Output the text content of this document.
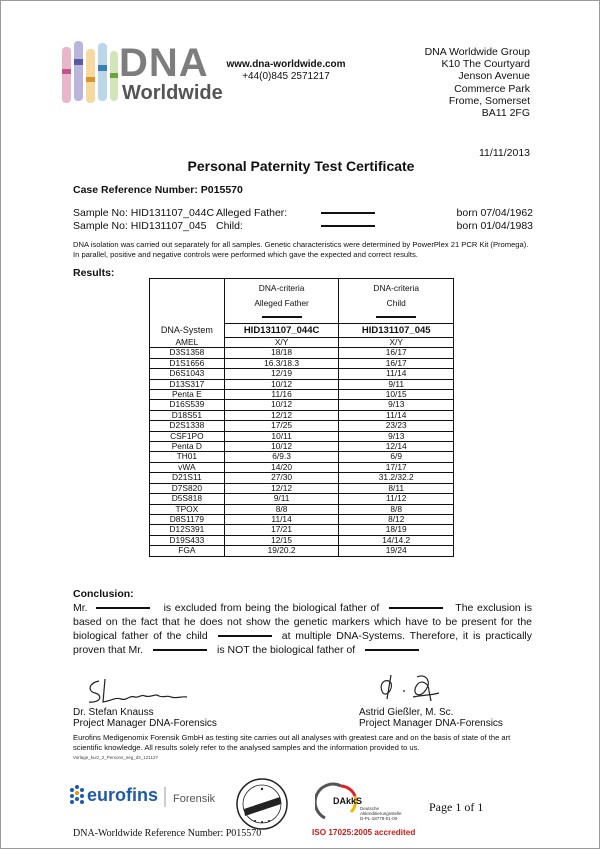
DNA
Worldwide
www.dna-worldwide.com
+44(0)845 2571217
DNA Worldwide Group
K10 The Courtyard
Jenson Avenue
Commerce Park
Frome, Somerset
BA11 2FG
11/11/2013
Personal Paternity Test Certificate
Case Reference Number: P015570
Sample No: HID131107_044C Alleged Father:	born 07/04/1962
Sample No: HID131107_045 Child:	born 01/04/1983
DNA isolation was carried out separately for all samples. Genetic characteristics were determined by PowerPlex 21 PCR Kit (Promega). In parallel, positive and negative controls were performed which gave the expected and correct results.
Results:
DNA-System	DNA-criteria	DNA-criteria
	Alleged Father	Child

	HID131107_044C	HID131107_045
AMEL	X/Y	X/Y
D3S1358	18/18	16/17
D1S1656	16.3/18.3	16/17
D6S1043	12/19	11/14
D13S317	10/12	9/11
Penta E	11/16	10/15
D16S539	10/12	9/13
D18S51	12/12	11/14
D2S1338	17/25	23/23
CSF1PO	10/11	9/13
Penta D	10/12	12/14
TH01	6/9.3	6/9
vWA	14/20	17/17
D21S11	27/30	31.2/32.2
D7S820	12/12	8/11
D5S818	9/11	11/12
TPOX	8/8	8/8
D8S1179	11/14	8/12
D12S391	17/21	18/19
D19S433	12/15	14/14.2
FGA	19/20.2	19/24
Conclusion:
Mr.	is excluded from being the biological father of	The exclusion is based on the fact that he does not show the genetic markers which have to be present for the biological father of the child	at multiple DNA-Systems. Therefore, it is practically proven that Mr.	is NOT the biological father of
Dr. Stefan Knauss
Project Manager DNA-Forensics
Astrid Gießler, M. Sc.
Project Manager DNA-Forensics
Eurofins Medigenomix Forensik GmbH as testing site carries out all analyses with greatest care and on the basis of state of the art scientific knowledge. All results solely refer to the analysed samples and the information provided to us.
Vorlage_kurz_2_Persons_neg_d3_121127
eurofins Forensik	DAkkS
Deutsche
Akkreditierungsstelle
D-PL-18779-01-00
Page 1 of 1
DNA-Worldwide Reference Number: P015570	ISO 17025:2005 accredited
